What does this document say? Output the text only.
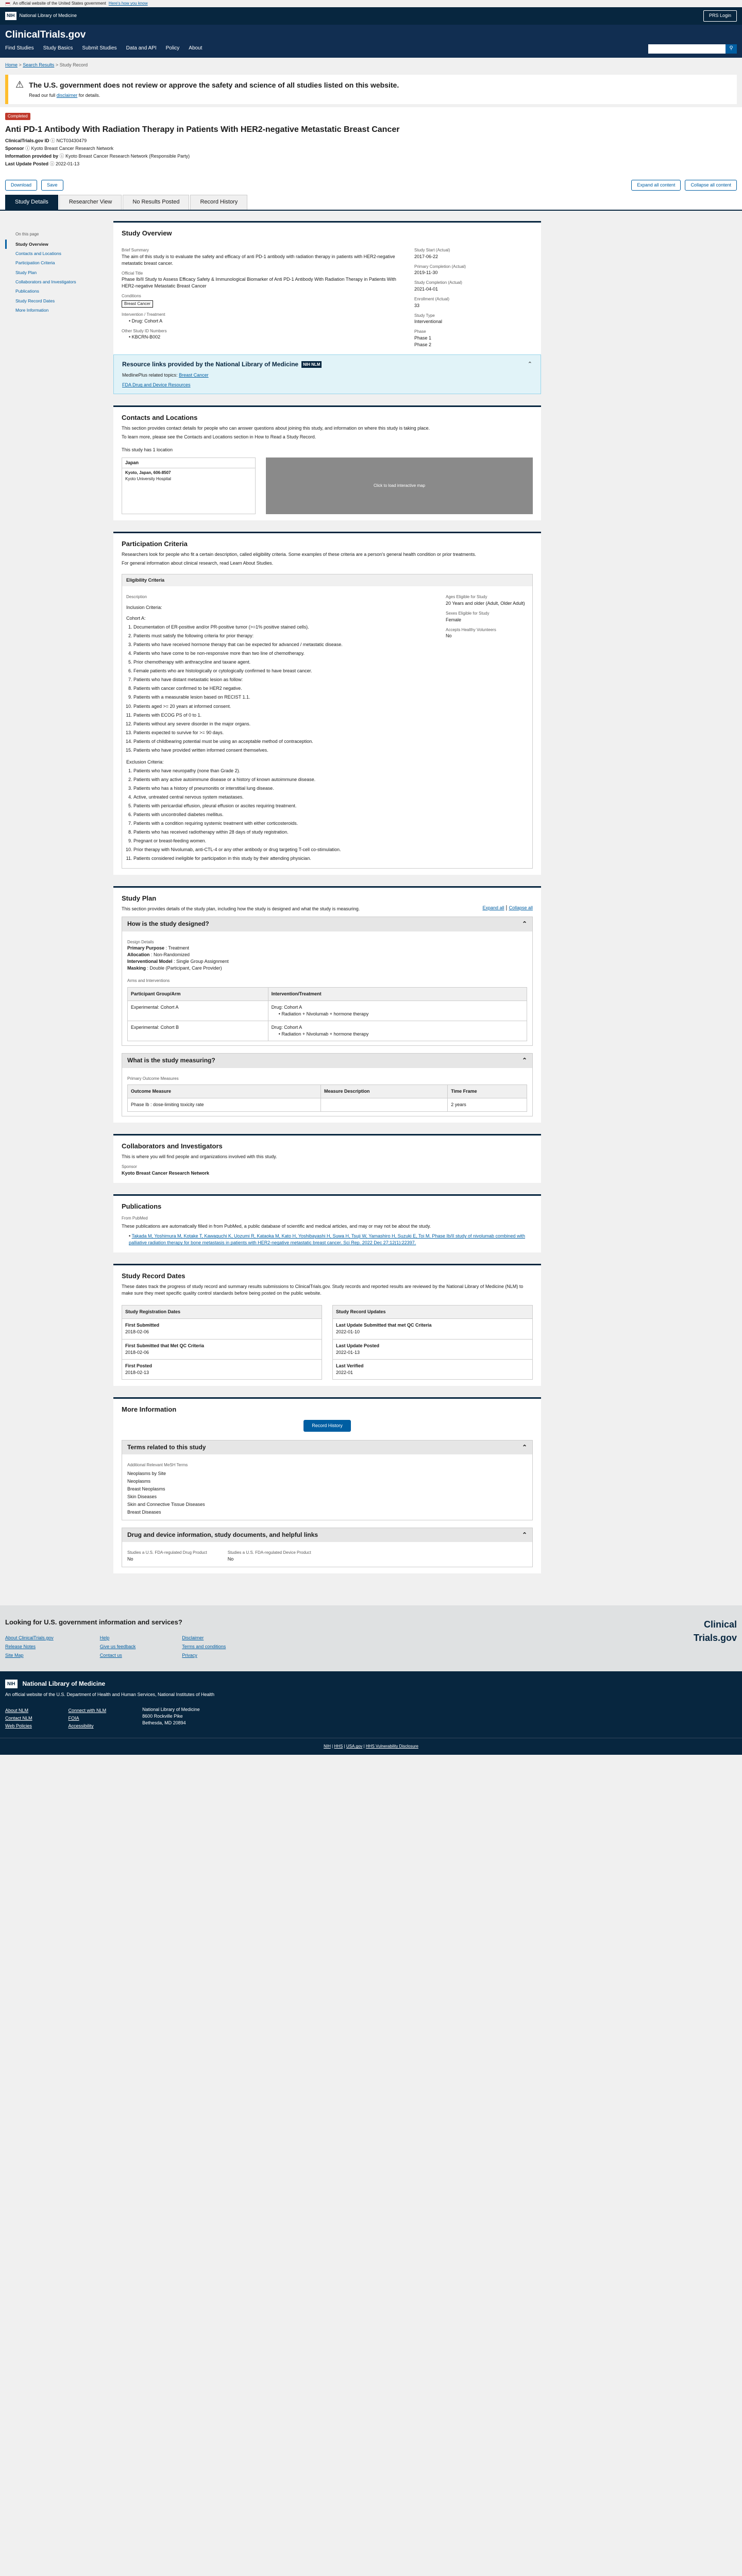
An official website of the United States government Here's how you know
NIH	National Library of Medicine	PRS Login
ClinicalTrials.gov
Find Studies Study Basics Submit Studies Data and API Policy About	⚲
Home > Search Results > Study Record
⚠ The U.S. government does not review or approve the safety and science of all studies listed on this website.

Read our full disclaimer for details.

Completed
Anti PD-1 Antibody With Radiation Therapy in Patients With HER2-negative Metastatic Breast Cancer
ClinicalTrials.gov ID ⓘ NCT03430479
Sponsor ⓘ Kyoto Breast Cancer Research Network
Information provided by ⓘ Kyoto Breast Cancer Research Network (Responsible Party)
Last Update Posted ⓘ 2022-01-13
Download	Save	Expand all content	Collapse all content
Study Details	Researcher View	No Results Posted	Record History
On this page
Study Overview
Contacts and Locations
Participation Criteria
Study Plan
Collaborators and Investigators
Publications
Study Record Dates
More Information
Study Overview
Brief Summary
The aim of this study is to evaluate the safety and efficacy of anti PD-1 antibody with radiation therapy in patients with HER2-negative metastatic breast cancer.
Official Title
Phase Ib/II Study to Assess Efficacy Safety & Immunological Biomarker of Anti PD-1 Antibody With Radiation Therapy in Patients With HER2-negative Metastatic Breast Cancer
Conditions
Breast Cancer
Intervention / Treatment
• Drug: Cohort A
Other Study ID Numbers
• KBCRN-B002
Study Start (Actual)
2017-06-22
Primary Completion (Actual)
2019-11-30
Study Completion (Actual)
2021-04-01
Enrollment (Actual)
33
Study Type
Interventional
Phase
Phase 1
Phase 2
Resource links provided by the National Library of Medicine	NIH NLM	⌃
MedlinePlus related topics: Breast Cancer
FDA Drug and Device Resources
Contacts and Locations
This section provides contact details for people who can answer questions about joining this study, and information on where this study is taking place.
To learn more, please see the Contacts and Locations section in How to Read a Study Record.
This study has 1 location
Japan
Kyoto, Japan, 606-8507
Kyoto University Hospital
Click to load interactive map
Participation Criteria
Researchers look for people who fit a certain description, called eligibility criteria. Some examples of these criteria are a person's general health condition or prior treatments.
For general information about clinical research, read Learn About Studies.
Eligibility Criteria
Description
Inclusion Criteria:
Cohort A:
1. Documentation of ER-positive and/or PR-positive tumor (>=1% positive stained cells).
2. Patients must satisfy the following criteria for prior therapy:
3. Patients who have received hormone therapy that can be expected for advanced / metastatic disease.
4. Patients who have come to be non-responsive more than two line of chemotherapy.
5. Prior chemotherapy with anthracycline and taxane agent.
6. Female patients who are histologically or cytologically confirmed to have breast cancer.
7. Patients who have distant metastatic lesion as follow:
8. Patients with cancer confirmed to be HER2 negative.
9. Patients with a measurable lesion based on RECIST 1.1.
10. Patients aged >= 20 years at informed consent.
11. Patients with ECOG PS of 0 to 1.
12. Patients without any severe disorder in the major organs.
13. Patients expected to survive for >= 90 days.
14. Patients of childbearing potential must be using an acceptable method of contraception.
15. Patients who have provided written informed consent themselves.
Exclusion Criteria:
1. Patients who have neuropathy (none than Grade 2).
2. Patients with any active autoimmune disease or a history of known autoimmune disease.
3. Patients who has a history of pneumonitis or interstitial lung disease.
4. Active, untreated central nervous system metastases.
5. Patients with pericardial effusion, pleural effusion or ascites requiring treatment.
6. Patients with uncontrolled diabetes mellitus.
7. Patients with a condition requiring systemic treatment with either corticosteroids.
8. Patients who has received radiotherapy within 28 days of study registration.
9. Pregnant or breast-feeding women.
10. Prior therapy with Nivolumab, anti-CTL-4 or any other antibody or drug targeting T-cell co-stimulation.
11. Patients considered ineligible for participation in this study by their attending physician.
Ages Eligible for Study
20 Years and older (Adult, Older Adult)
Sexes Eligible for Study
Female
Accepts Healthy Volunteers
No
Study Plan
This section provides details of the study plan, including how the study is designed and what the study is measuring.	Expand all | Collapse all
How is the study designed?	⌃
Design Details
Primary Purpose : Treatment
Allocation : Non-Randomized
Interventional Model : Single Group Assignment
Masking : Double (Participant, Care Provider)
Arms and Interventions
Participant Group/Arm	Intervention/Treatment
Experimental: Cohort A	Drug: Cohort A
• Radiation + Nivolumab + hormone therapy

Experimental: Cohort B	Drug: Cohort A
• Radiation + Nivolumab + hormone therapy
What is the study measuring?	⌃
Primary Outcome Measures
Outcome Measure	Measure Description	Time Frame
Phase Ib : dose-limiting toxicity rate		2 years
Collaborators and Investigators
This is where you will find people and organizations involved with this study.
Sponsor
Kyoto Breast Cancer Research Network
Publications
From PubMed
These publications are automatically filled in from PubMed, a public database of scientific and medical articles, and may or may not be about the study.
• Takada M, Yoshimura M, Kotake T, Kawaguchi K, Uozumi R, Kataoka M, Kato H, Yoshibayashi H, Suwa H, Tsuji W, Yamashiro H, Suzuki E, Toi M. Phase Ib/II study of nivolumab combined with palliative radiation therapy for bone metastasis in patients with HER2-negative metastatic breast cancer. Sci Rep. 2022 Dec 27;12(1):22397.
Study Record Dates
These dates track the progress of study record and summary results submissions to ClinicalTrials.gov. Study records and reported results are reviewed by the National Library of Medicine (NLM) to make sure they meet specific quality control standards before being posted on the public website.
Study Registration Dates
First Submitted
2018-02-06
First Submitted that Met QC Criteria
2018-02-06
First Posted
2018-02-13
Study Record Updates
Last Update Submitted that met QC Criteria
2022-01-10
Last Update Posted
2022-01-13
Last Verified
2022-01
More Information
Record History
Terms related to this study	⌃
Additional Relevant MeSH Terms
Neoplasms by Site
Neoplasms
Breast Neoplasms
Skin Diseases
Skin and Connective Tissue Diseases
Breast Diseases
Drug and device information, study documents, and helpful links	⌃
Studies a U.S. FDA-regulated Drug Product
No
Studies a U.S. FDA-regulated Device Product
No
Looking for U.S. government information and services?
About ClinicalTrials.gov
Release Notes
Site Map
Help
Give us feedback
Contact us
Disclaimer
Terms and conditions
Privacy
Clinical
Trials.gov
NIH	National Library of Medicine
An official website of the U.S. Department of Health and Human Services, National Institutes of Health
About NLM
Contact NLM
Web Policies
Connect with NLM
FOIA
Accessibility
National Library of Medicine
8600 Rockville Pike
Bethesda, MD 20894
NIH | HHS | USA.gov | HHS Vulnerability Disclosure
